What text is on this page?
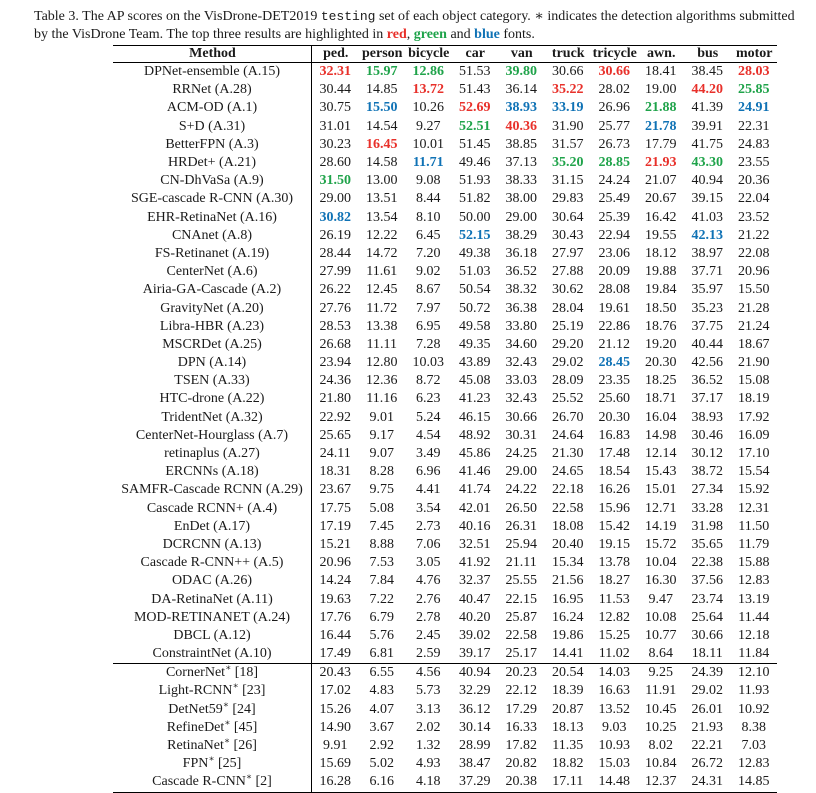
Table 3. The AP scores on the VisDrone-DET2019 testing set of each object category. ∗ indicates the detection algorithms submitted
by the VisDrone Team. The top three results are highlighted in red, green and blue fonts.
Method	ped.	person	bicycle	car	van	truck	tricycle	awn.	bus	motor
DPNet-ensemble (A.15)	32.31	15.97	12.86	51.53	39.80	30.66	30.66	18.41	38.45	28.03
RRNet (A.28)	30.44	14.85	13.72	51.43	36.14	35.22	28.02	19.00	44.20	25.85
ACM-OD (A.1)	30.75	15.50	10.26	52.69	38.93	33.19	26.96	21.88	41.39	24.91
S+D (A.31)	31.01	14.54	9.27	52.51	40.36	31.90	25.77	21.78	39.91	22.31
BetterFPN (A.3)	30.23	16.45	10.01	51.45	38.85	31.57	26.73	17.79	41.75	24.83
HRDet+ (A.21)	28.60	14.58	11.71	49.46	37.13	35.20	28.85	21.93	43.30	23.55
CN-DhVaSa (A.9)	31.50	13.00	9.08	51.93	38.33	31.15	24.24	21.07	40.94	20.36
SGE-cascade R-CNN (A.30)	29.00	13.51	8.44	51.82	38.00	29.83	25.49	20.67	39.15	22.04
EHR-RetinaNet (A.16)	30.82	13.54	8.10	50.00	29.00	30.64	25.39	16.42	41.03	23.52
CNAnet (A.8)	26.19	12.22	6.45	52.15	38.29	30.43	22.94	19.55	42.13	21.22
FS-Retinanet (A.19)	28.44	14.72	7.20	49.38	36.18	27.97	23.06	18.12	38.97	22.08
CenterNet (A.6)	27.99	11.61	9.02	51.03	36.52	27.88	20.09	19.88	37.71	20.96
Airia-GA-Cascade (A.2)	26.22	12.45	8.67	50.54	38.32	30.62	28.08	19.84	35.97	15.50
GravityNet (A.20)	27.76	11.72	7.97	50.72	36.38	28.04	19.61	18.50	35.23	21.28
Libra-HBR (A.23)	28.53	13.38	6.95	49.58	33.80	25.19	22.86	18.76	37.75	21.24
MSCRDet (A.25)	26.68	11.11	7.28	49.35	34.60	29.20	21.12	19.20	40.44	18.67
DPN (A.14)	23.94	12.80	10.03	43.89	32.43	29.02	28.45	20.30	42.56	21.90
TSEN (A.33)	24.36	12.36	8.72	45.08	33.03	28.09	23.35	18.25	36.52	15.08
HTC-drone (A.22)	21.80	11.16	6.23	41.23	32.43	25.52	25.60	18.71	37.17	18.19
TridentNet (A.32)	22.92	9.01	5.24	46.15	30.66	26.70	20.30	16.04	38.93	17.92
CenterNet-Hourglass (A.7)	25.65	9.17	4.54	48.92	30.31	24.64	16.83	14.98	30.46	16.09
retinaplus (A.27)	24.11	9.07	3.49	45.86	24.25	21.30	17.48	12.14	30.12	17.10
ERCNNs (A.18)	18.31	8.28	6.96	41.46	29.00	24.65	18.54	15.43	38.72	15.54
SAMFR-Cascade RCNN (A.29)	23.67	9.75	4.41	41.74	24.22	22.18	16.26	15.01	27.34	15.92
Cascade RCNN+ (A.4)	17.75	5.08	3.54	42.01	26.50	22.58	15.96	12.71	33.28	12.31
EnDet (A.17)	17.19	7.45	2.73	40.16	26.31	18.08	15.42	14.19	31.98	11.50
DCRCNN (A.13)	15.21	8.88	7.06	32.51	25.94	20.40	19.15	15.72	35.65	11.79
Cascade R-CNN++ (A.5)	20.96	7.53	3.05	41.92	21.11	15.34	13.78	10.04	22.38	15.88
ODAC (A.26)	14.24	7.84	4.76	32.37	25.55	21.56	18.27	16.30	37.56	12.83
DA-RetinaNet (A.11)	19.63	7.22	2.76	40.47	22.15	16.95	11.53	9.47	23.74	13.19
MOD-RETINANET (A.24)	17.76	6.79	2.78	40.20	25.87	16.24	12.82	10.08	25.64	11.44
DBCL (A.12)	16.44	5.76	2.45	39.02	22.58	19.86	15.25	10.77	30.66	12.18
ConstraintNet (A.10)	17.49	6.81	2.59	39.17	25.17	14.41	11.02	8.64	18.11	11.84
CornerNet∗ [18]	20.43	6.55	4.56	40.94	20.23	20.54	14.03	9.25	24.39	12.10
Light-RCNN∗ [23]	17.02	4.83	5.73	32.29	22.12	18.39	16.63	11.91	29.02	11.93
DetNet59∗ [24]	15.26	4.07	3.13	36.12	17.29	20.87	13.52	10.45	26.01	10.92
RefineDet∗ [45]	14.90	3.67	2.02	30.14	16.33	18.13	9.03	10.25	21.93	8.38
RetinaNet∗ [26]	9.91	2.92	1.32	28.99	17.82	11.35	10.93	8.02	22.21	7.03
FPN∗ [25]	15.69	5.02	4.93	38.47	20.82	18.82	15.03	10.84	26.72	12.83
Cascade R-CNN∗ [2]	16.28	6.16	4.18	37.29	20.38	17.11	14.48	12.37	24.31	14.85
